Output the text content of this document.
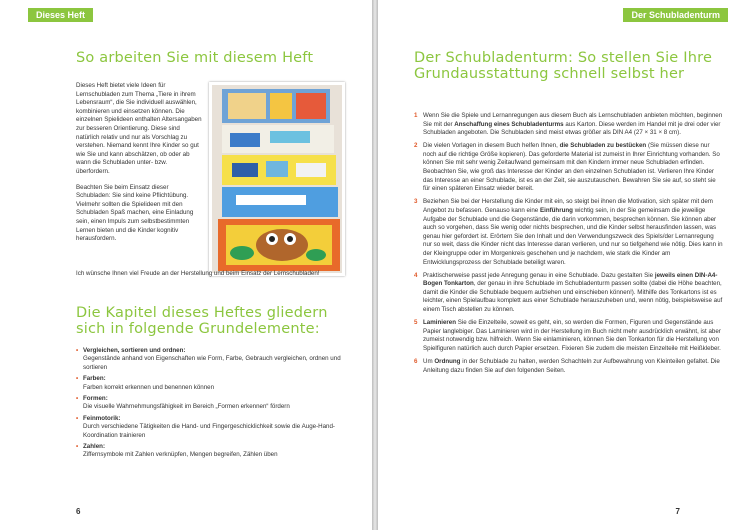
Dieses Heft
So arbeiten Sie mit diesem Heft

Dieses Heft bietet viele Ideen für Lernschubladen zum Thema „Tiere in ihrem Lebensraum“, die Sie individuell auswählen, kombinieren und einsetzen können. Die einzelnen Spielideen enthalten Altersangaben zur besseren Orientierung. Diese sind natürlich relativ und nur als Vorschlag zu verstehen. Niemand kennt Ihre Kinder so gut wie Sie und kann abschätzen, ob oder ab wann die Schubladen unter- bzw. überfordern.

Beachten Sie beim Einsatz dieser Schubladen: Sie sind keine Pflichtübung. Vielmehr sollten die Spielideen mit den Schubladen Spaß machen, eine Einladung sein, einen Impuls zum selbstbestimmten Lernen bieten und die Kinder kognitiv herausfordern.

Ich wünsche Ihnen viel Freude an der Herstellung und beim Einsatz der Lernschubladen!
Die Kapitel dieses Heftes gliedern sich in folgende Grundelemente:
• Vergleichen, sortieren und ordnen:
Gegenstände anhand von Eigenschaften wie Form, Farbe, Gebrauch vergleichen, ordnen und sortieren
• Farben:
Farben korrekt erkennen und benennen können
• Formen:
Die visuelle Wahrnehmungsfähigkeit im Bereich „Formen erkennen“ fördern
• Feinmotorik:
Durch verschiedene Tätigkeiten die Hand- und Fingergeschicklichkeit sowie die Auge-Hand-Koordination trainieren
• Zahlen:
Ziffernsymbole mit Zahlen verknüpfen, Mengen begreifen, Zählen üben
6
Der Schubladenturm
Der Schubladenturm: So stellen Sie Ihre Grundausstattung schnell selbst her
1 Wenn Sie die Spiele und Lernanregungen aus diesem Buch als Lernschubladen anbieten möchten, beginnen Sie mit der Anschaffung eines Schubladenturms aus Karton. Diese werden im Handel mit je drei oder vier Schubladen angeboten. Die Schubladen sind meist etwas größer als DIN A4 (27 × 31 × 8 cm).
2 Die vielen Vorlagen in diesem Buch helfen Ihnen, die Schubladen zu bestücken (Sie müssen diese nur noch auf die richtige Größe kopieren). Das geforderte Material ist zumeist in Ihrer Einrichtung vorhanden. So können Sie mit sehr wenig Zeitaufwand gemeinsam mit den Kindern immer neue Schubladen erfinden. Beobachten Sie, wie groß das Interesse der Kinder an den einzelnen Schubladen ist. Verlieren Ihre Kinder das Interesse an einer Schublade, ist es an der Zeit, sie auszutauschen. Bewahren Sie sie auf, so steht sie für einen späteren Einsatz wieder bereit.
3 Beziehen Sie bei der Herstellung die Kinder mit ein, so steigt bei ihnen die Motivation, sich später mit dem Angebot zu befassen. Genauso kann eine Einführung wichtig sein, in der Sie gemeinsam die jeweilige Aufgabe der Schublade und die Gegenstände, die darin vorkommen, besprechen können. Sie können aber auch so vorgehen, dass Sie wenig oder nichts besprechen, und die Kinder selbst herausfinden lassen, was genau hier gefordert ist. Erörtern Sie den Inhalt und den Verwendungszweck des Spiels/der Lernanregung nur so weit, dass die Kinder nicht das Interesse daran verlieren, und nur so tiefgehend wie nötig. Dies kann in der Kleingruppe oder im Morgenkreis geschehen und je nachdem, wie stark die Kinder am Entwicklungsprozess der Schublade beteiligt waren.
4 Praktischerweise passt jede Anregung genau in eine Schublade. Dazu gestalten Sie jeweils einen DIN-A4-Bogen Tonkarton, der genau in ihre Schublade im Schubladenturm passen sollte (dabei die Höhe beachten, damit die Kinder die Schublade bequem aufziehen und einschieben können!). Mithilfe des Tonkartons ist es leichter, einen Spielaufbau komplett aus einer Schublade herauszuheben und, wenn nötig, beispielsweise auf einem Tisch abstellen zu können.
5 Laminieren Sie die Einzelteile, soweit es geht, ein, so werden die Formen, Figuren und Gegenstände aus Papier langlebiger. Das Laminieren wird in der Herstellung im Buch nicht mehr ausdrücklich erwähnt, ist aber zumeist notwendig bzw. hilfreich. Wenn Sie einlaminieren, können Sie den Tonkarton für die Herstellung von Spielfiguren natürlich auch durch Papier ersetzen. Fixieren Sie zudem die meisten Einzelteile mit Heißkleber.
6 Um Ordnung in der Schublade zu halten, werden Schachteln zur Aufbewahrung von Kleinteilen gefaltet. Die Anleitung dazu finden Sie auf den folgenden Seiten.
7
